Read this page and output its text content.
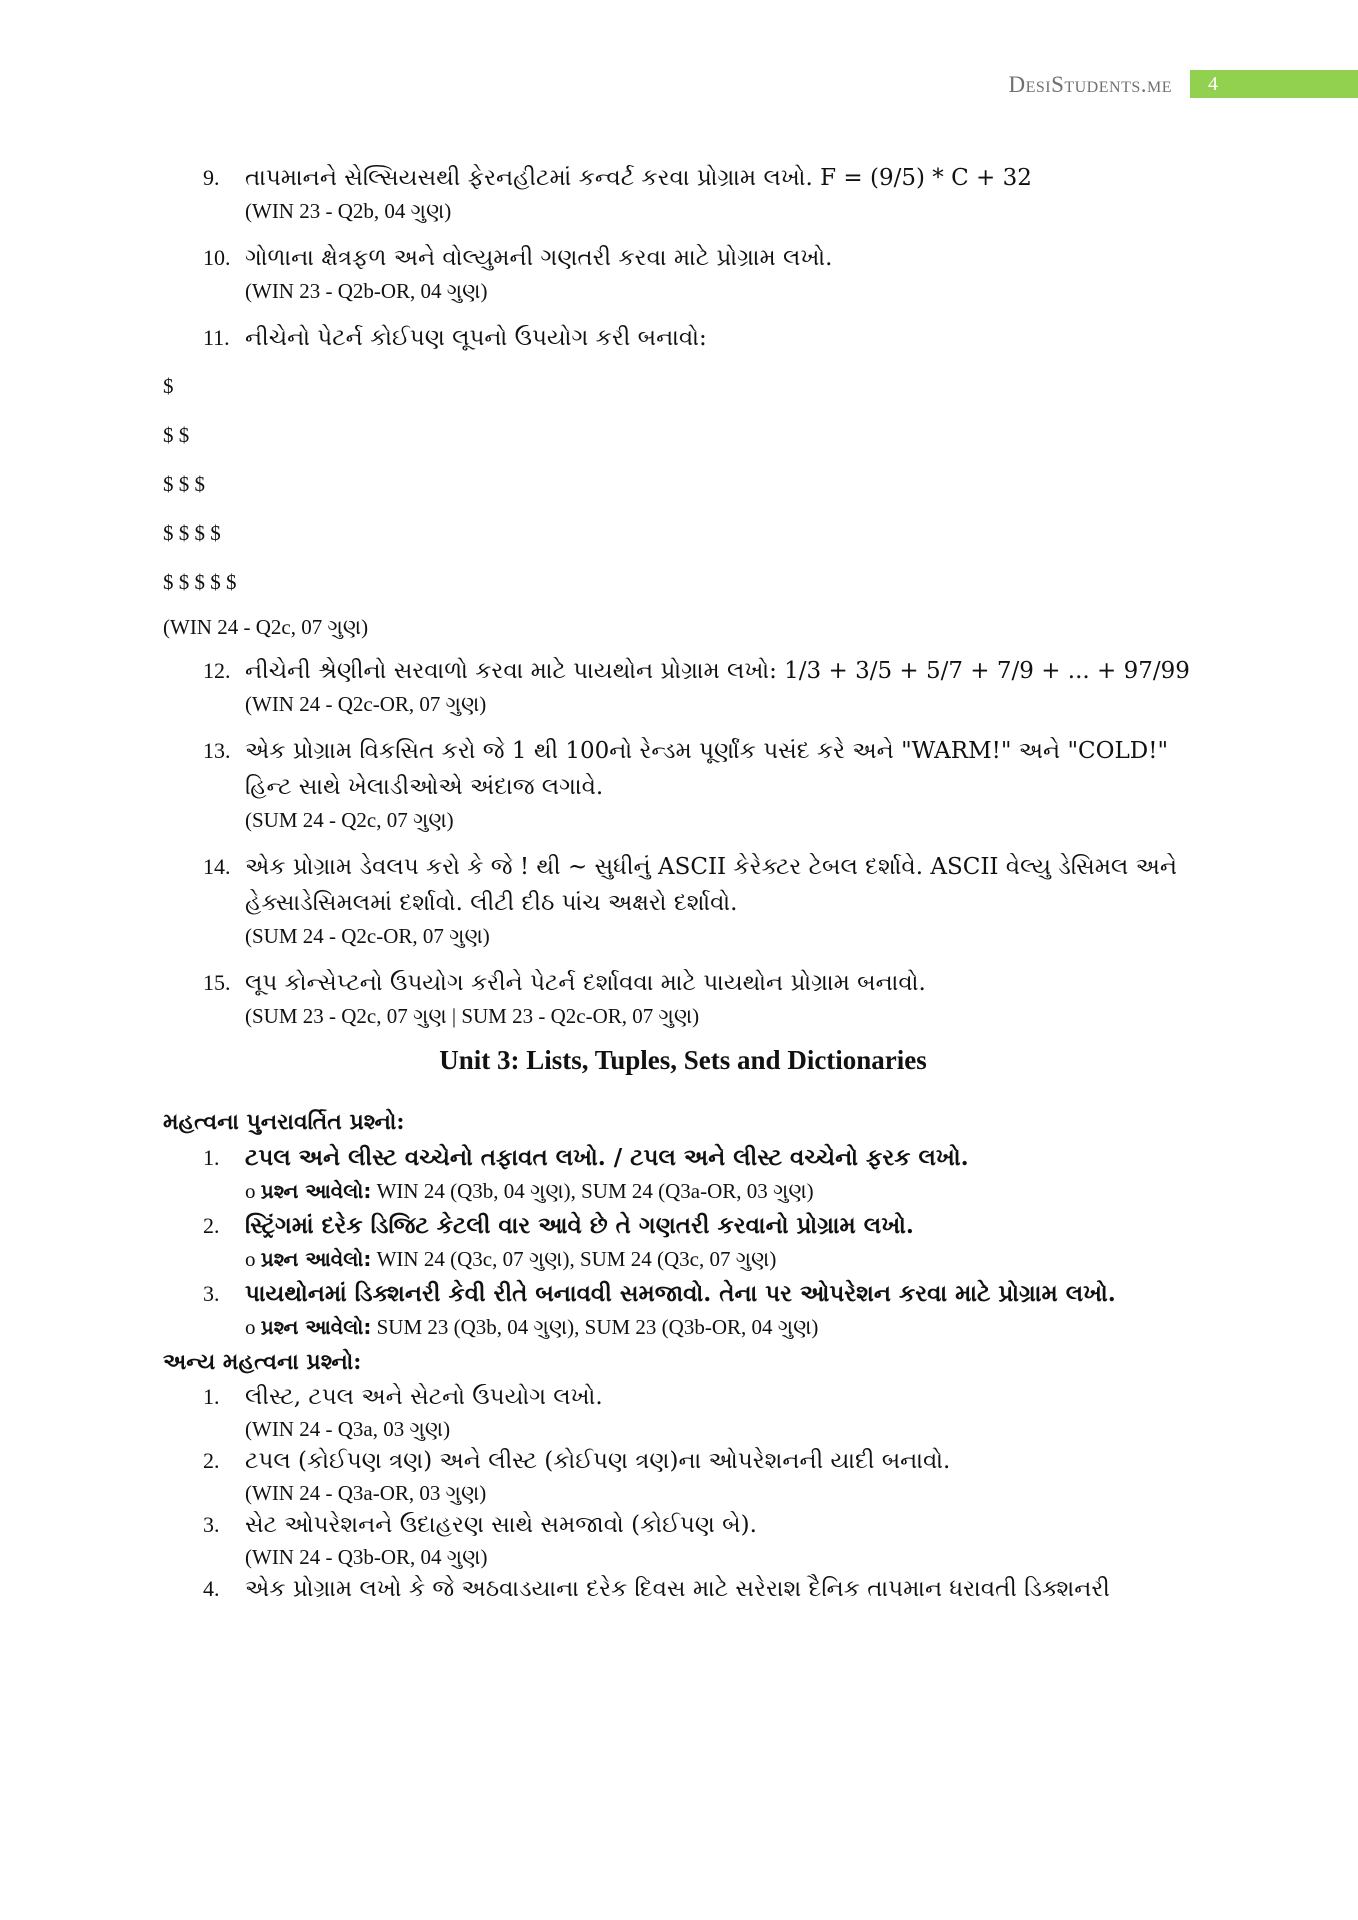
DesiStudents.me	4
9. તાપમાનને સેલ્સિયસથી ફેરનહીટમાં કન્વર્ટ કરવા પ્રોગ્રામ લખો. F = (9/5) * C + 32
(WIN 23 - Q2b, 04 ગુણ)
10. ગોળાના ક્ષેત્રફળ અને વોલ્યુમની ગણતરી કરવા માટે પ્રોગ્રામ લખો.
(WIN 23 - Q2b-OR, 04 ગુણ)
11. નીચેનો પેટર્ન કોઈપણ લૂપનો ઉપયોગ કરી બનાવો:
$
$ $
$ $ $
$ $ $ $
$ $ $ $ $
(WIN 24 - Q2c, 07 ગુણ)
12. નીચેની શ્રેણીનો સરવાળો કરવા માટે પાયથોન પ્રોગ્રામ લખો: 1/3 + 3/5 + 5/7 + 7/9 + ... + 97/99
(WIN 24 - Q2c-OR, 07 ગુણ)
13. એક પ્રોગ્રામ વિકસિત કરો જે 1 થી 100નો રેન્ડમ પૂર્ણાંક પસંદ કરે અને "WARM!" અને "COLD!" હિન્ટ સાથે ખેલાડીઓએ અંદાજ લગાવે.
(SUM 24 - Q2c, 07 ગુણ)
14. એક પ્રોગ્રામ ડેવલપ કરો કે જે ! થી ~ સુધીનું ASCII કેરેક્ટર ટેબલ દર્શાવે. ASCII વેલ્યુ ડેસિમલ અને હેક્સાડેસિમલમાં દર્શાવો. લીટી દીઠ પાંચ અક્ષરો દર્શાવો.
(SUM 24 - Q2c-OR, 07 ગુણ)
15. લૂપ કોન્સેપ્ટનો ઉપયોગ કરીને પેટર્ન દર્શાવવા માટે પાયથોન પ્રોગ્રામ બનાવો.
(SUM 23 - Q2c, 07 ગુણ | SUM 23 - Q2c-OR, 07 ગુણ)
Unit 3: Lists, Tuples, Sets and Dictionaries
મહત્વના પુનરાવર્તિત પ્રશ્નો:
1. ટપલ અને લીસ્ટ વચ્ચેનો તફાવત લખો. / ટપલ અને લીસ્ટ વચ્ચેનો ફરક લખો.
o પ્રશ્ન આવેલો: WIN 24 (Q3b, 04 ગુણ), SUM 24 (Q3a-OR, 03 ગુણ)
2. સ્ટ્રિંગમાં દરેક ડિજિટ કેટલી વાર આવે છે તે ગણતરી કરવાનો પ્રોગ્રામ લખો.
o પ્રશ્ન આવેલો: WIN 24 (Q3c, 07 ગુણ), SUM 24 (Q3c, 07 ગુણ)
3. પાયથોનમાં ડિક્શનરી કેવી રીતે બનાવવી સમજાવો. તેના પર ઓપરેશન કરવા માટે પ્રોગ્રામ લખો.
o પ્રશ્ન આવેલો: SUM 23 (Q3b, 04 ગુણ), SUM 23 (Q3b-OR, 04 ગુણ)
અન્ય મહત્વના પ્રશ્નો:
1. લીસ્ટ, ટપલ અને સેટનો ઉપયોગ લખો.
(WIN 24 - Q3a, 03 ગુણ)
2. ટપલ (કોઈપણ ત્રણ) અને લીસ્ટ (કોઈપણ ત્રણ)ના ઓપરેશનની યાદી બનાવો.
(WIN 24 - Q3a-OR, 03 ગુણ)
3. સેટ ઓપરેશનને ઉદાહરણ સાથે સમજાવો (કોઈપણ બે).
(WIN 24 - Q3b-OR, 04 ગુણ)
4. એક પ્રોગ્રામ લખો કે જે અઠવાડયાના દરેક દિવસ માટે સરેરાશ દૈનિક તાપમાન ધરાવતી ડિક્શનરી
